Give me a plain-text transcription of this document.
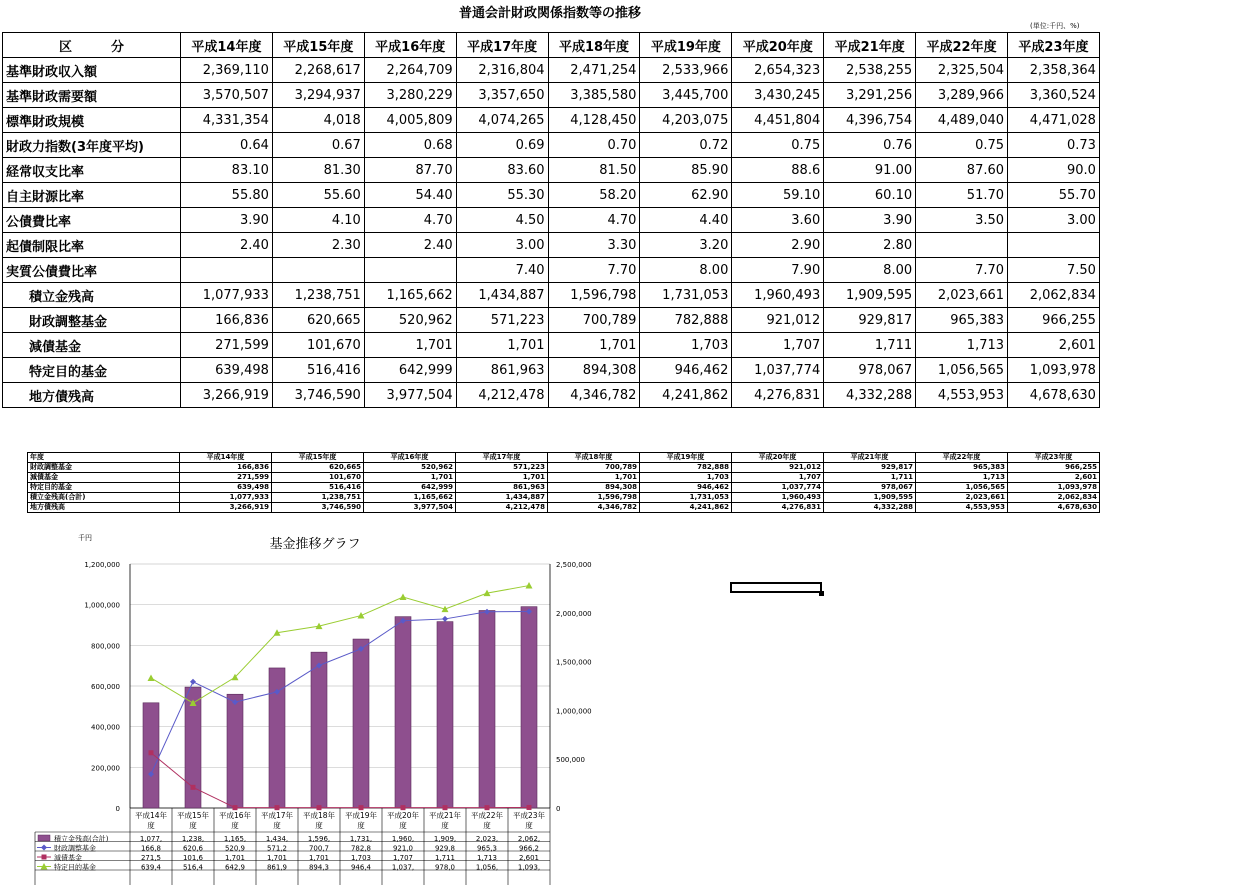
普通会計財政関係指数等の推移
(単位:千円、%)
区　　　分	平成14年度	平成15年度	平成16年度	平成17年度	平成18年度	平成19年度	平成20年度	平成21年度	平成22年度	平成23年度
基準財政収入額	2,369,110	2,268,617	2,264,709	2,316,804	2,471,254	2,533,966	2,654,323	2,538,255	2,325,504	2,358,364
基準財政需要額	3,570,507	3,294,937	3,280,229	3,357,650	3,385,580	3,445,700	3,430,245	3,291,256	3,289,966	3,360,524
標準財政規模	4,331,354	4,018	4,005,809	4,074,265	4,128,450	4,203,075	4,451,804	4,396,754	4,489,040	4,471,028
財政力指数(3年度平均)	0.64	0.67	0.68	0.69	0.70	0.72	0.75	0.76	0.75	0.73
経常収支比率	83.10	81.30	87.70	83.60	81.50	85.90	88.6	91.00	87.60	90.0
自主財源比率	55.80	55.60	54.40	55.30	58.20	62.90	59.10	60.10	51.70	55.70
公債費比率	3.90	4.10	4.70	4.50	4.70	4.40	3.60	3.90	3.50	3.00
起債制限比率	2.40	2.30	2.40	3.00	3.30	3.20	2.90	2.80		
実質公債費比率				7.40	7.70	8.00	7.90	8.00	7.70	7.50
積立金残高	1,077,933	1,238,751	1,165,662	1,434,887	1,596,798	1,731,053	1,960,493	1,909,595	2,023,661	2,062,834
財政調整基金	166,836	620,665	520,962	571,223	700,789	782,888	921,012	929,817	965,383	966,255
減債基金	271,599	101,670	1,701	1,701	1,701	1,703	1,707	1,711	1,713	2,601
特定目的基金	639,498	516,416	642,999	861,963	894,308	946,462	1,037,774	978,067	1,056,565	1,093,978
地方債残高	3,266,919	3,746,590	3,977,504	4,212,478	4,346,782	4,241,862	4,276,831	4,332,288	4,553,953	4,678,630
年度	平成14年度	平成15年度	平成16年度	平成17年度	平成18年度	平成19年度	平成20年度	平成21年度	平成22年度	平成23年度
財政調整基金	166,836	620,665	520,962	571,223	700,789	782,888	921,012	929,817	965,383	966,255
減債基金	271,599	101,670	1,701	1,701	1,701	1,703	1,707	1,711	1,713	2,601
特定目的基金	639,498	516,416	642,999	861,963	894,308	946,462	1,037,774	978,067	1,056,565	1,093,978
積立金残高(合計)	1,077,933	1,238,751	1,165,662	1,434,887	1,596,798	1,731,053	1,960,493	1,909,595	2,023,661	2,062,834
地方債残高	3,266,919	3,746,590	3,977,504	4,212,478	4,346,782	4,241,862	4,276,831	4,332,288	4,553,953	4,678,630
基金推移グラフ
千円
0
200,000
400,000
600,000
800,000
1,000,000
1,200,000
0
500,000
1,000,000
1,500,000
2,000,000
2,500,000
平成14年度
平成15年度
平成16年度
平成17年度
平成18年度
平成19年度
平成20年度
平成21年度
平成22年度
平成23年度
積立金残高(合計)	1,077,	1,238,	1,165,	1,434,	1,596,	1,731,	1,960,	1,909,	2,023,	2,062,
財政調整基金	166,8	620,6	520,9	571,2	700,7	782,8	921,0	929,8	965,3	966,2
減債基金	271,5	101,6	1,701	1,701	1,701	1,703	1,707	1,711	1,713	2,601
特定目的基金	639,4	516,4	642,9	861,9	894,3	946,4	1,037,	978,0	1,056,	1,093,
